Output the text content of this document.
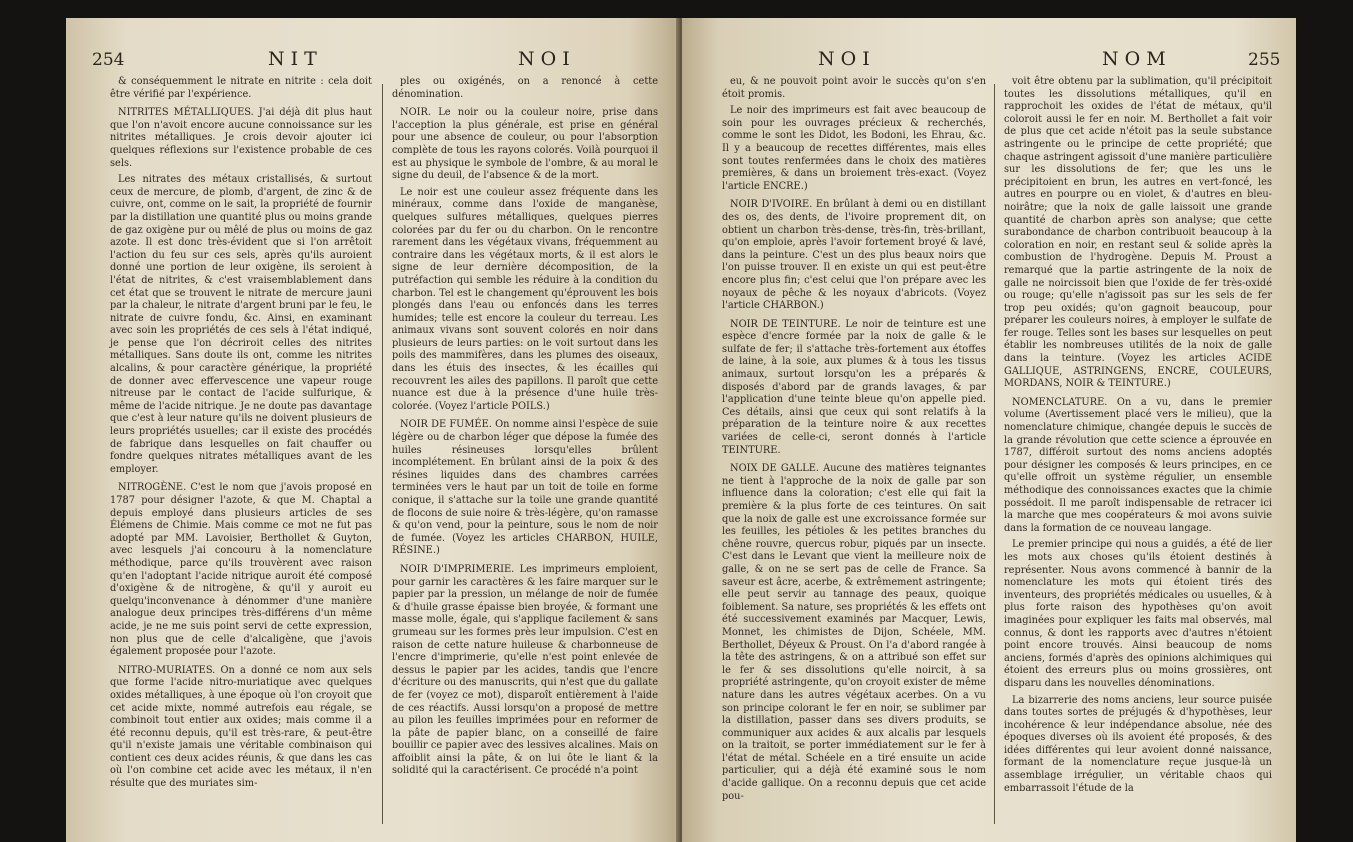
254	NIT	NOI

& conséquemment le nitrate en nitrite : cela doit être vérifié par l'expérience.

NITRITES MÉTALLIQUES. J'ai déjà dit plus haut que l'on n'avoit encore aucune connoissance sur les nitrites métalliques. Je crois devoir ajouter ici quelques réflexions sur l'existence probable de ces sels.

Les nitrates des métaux cristallisés, & surtout ceux de mercure, de plomb, d'argent, de zinc & de cuivre, ont, comme on le sait, la propriété de fournir par la distillation une quantité plus ou moins grande de gaz oxigène pur ou mêlé de plus ou moins de gaz azote. Il est donc très-évident que si l'on arrêtoit l'action du feu sur ces sels, après qu'ils auroient donné une portion de leur oxigène, ils seroient à l'état de nitrites, & c'est vraisemblablement dans cet état que se trouvent le nitrate de mercure jauni par la chaleur, le nitrate d'argent bruni par le feu, le nitrate de cuivre fondu, &c. Ainsi, en examinant avec soin les propriétés de ces sels à l'état indiqué, je pense que l'on décriroit celles des nitrites métalliques. Sans doute ils ont, comme les nitrites alcalins, & pour caractère générique, la propriété de donner avec effervescence une vapeur rouge nitreuse par le contact de l'acide sulfurique, & même de l'acide nitrique. Je ne doute pas davantage que c'est à leur nature qu'ils ne doivent plusieurs de leurs propriétés usuelles; car il existe des procédés de fabrique dans lesquelles on fait chauffer ou fondre quelques nitrates métalliques avant de les employer.

NITROGÈNE. C'est le nom que j'avois proposé en 1787 pour désigner l'azote, & que M. Chaptal a depuis employé dans plusieurs articles de ses Élémens de Chimie. Mais comme ce mot ne fut pas adopté par MM. Lavoisier, Berthollet & Guyton, avec lesquels j'ai concouru à la nomenclature méthodique, parce qu'ils trouvèrent avec raison qu'en l'adoptant l'acide nitrique auroit été composé d'oxigène & de nitrogène, & qu'il y auroit eu quelqu'inconvenance à dénommer d'une manière analogue deux principes très-différens d'un même acide, je ne me suis point servi de cette expression, non plus que de celle d'alcaligène, que j'avois également proposée pour l'azote.

NITRO-MURIATES. On a donné ce nom aux sels que forme l'acide nitro-muriatique avec quelques oxides métalliques, à une époque où l'on croyoit que cet acide mixte, nommé autrefois eau régale, se combinoit tout entier aux oxides; mais comme il a été reconnu depuis, qu'il est très-rare, & peut-être qu'il n'existe jamais une véritable combinaison qui contient ces deux acides réunis, & que dans les cas où l'on combine cet acide avec les métaux, il n'en résulte que des muriates sim-

ples ou oxigénés, on a renoncé à cette dénomination.

NOIR. Le noir ou la couleur noire, prise dans l'acception la plus générale, est prise en général pour une absence de couleur, ou pour l'absorption complète de tous les rayons colorés. Voilà pourquoi il est au physique le symbole de l'ombre, & au moral le signe du deuil, de l'absence & de la mort.

Le noir est une couleur assez fréquente dans les minéraux, comme dans l'oxide de manganèse, quelques sulfures métalliques, quelques pierres colorées par du fer ou du charbon. On le rencontre rarement dans les végétaux vivans, fréquemment au contraire dans les végétaux morts, & il est alors le signe de leur dernière décomposition, de la putréfaction qui semble les réduire à la condition du charbon. Tel est le changement qu'éprouvent les bois plongés dans l'eau ou enfoncés dans les terres humides; telle est encore la couleur du terreau. Les animaux vivans sont souvent colorés en noir dans plusieurs de leurs parties: on le voit surtout dans les poils des mammifères, dans les plumes des oiseaux, dans les étuis des insectes, & les écailles qui recouvrent les ailes des papillons. Il paroît que cette nuance est due à la présence d'une huile très-colorée. (Voyez l'article POILS.)

NOIR DE FUMÉE. On nomme ainsi l'espèce de suie légère ou de charbon léger que dépose la fumée des huiles résineuses lorsqu'elles brûlent incomplétement. En brûlant ainsi de la poix & des résines liquides dans des chambres carrées terminées vers le haut par un toit de toile en forme conique, il s'attache sur la toile une grande quantité de flocons de suie noire & très-légère, qu'on ramasse & qu'on vend, pour la peinture, sous le nom de noir de fumée. (Voyez les articles CHARBON, HUILE, RÉSINE.)

NOIR D'IMPRIMERIE. Les imprimeurs emploient, pour garnir les caractères & les faire marquer sur le papier par la pression, un mélange de noir de fumée & d'huile grasse épaisse bien broyée, & formant une masse molle, égale, qui s'applique facilement & sans grumeau sur les formes près leur impulsion. C'est en raison de cette nature huileuse & charbonneuse de l'encre d'imprimerie, qu'elle n'est point enlevée de dessus le papier par les acides, tandis que l'encre d'écriture ou des manuscrits, qui n'est que du gallate de fer (voyez ce mot), disparoît entièrement à l'aide de ces réactifs. Aussi lorsqu'on a proposé de mettre au pilon les feuilles imprimées pour en reformer de la pâte de papier blanc, on a conseillé de faire bouillir ce papier avec des lessives alcalines. Mais on affoiblit ainsi la pâte, & on lui ôte le liant & la solidité qui la caractérisent. Ce procédé n'a point

NOI	NOM	255

eu, & ne pouvoit point avoir le succès qu'on s'en étoit promis.

Le noir des imprimeurs est fait avec beaucoup de soin pour les ouvrages précieux & recherchés, comme le sont les Didot, les Bodoni, les Ehrau, &c. Il y a beaucoup de recettes différentes, mais elles sont toutes renfermées dans le choix des matières premières, & dans un broiement très-exact. (Voyez l'article ENCRE.)

NOIR D'IVOIRE. En brûlant à demi ou en distillant des os, des dents, de l'ivoire proprement dit, on obtient un charbon très-dense, très-fin, très-brillant, qu'on emploie, après l'avoir fortement broyé & lavé, dans la peinture. C'est un des plus beaux noirs que l'on puisse trouver. Il en existe un qui est peut-être encore plus fin; c'est celui que l'on prépare avec les noyaux de pêche & les noyaux d'abricots. (Voyez l'article CHARBON.)

NOIR DE TEINTURE. Le noir de teinture est une espèce d'encre formée par la noix de galle & le sulfate de fer; il s'attache très-fortement aux étoffes de laine, à la soie, aux plumes & à tous les tissus animaux, surtout lorsqu'on les a préparés & disposés d'abord par de grands lavages, & par l'application d'une teinte bleue qu'on appelle pied. Ces détails, ainsi que ceux qui sont relatifs à la préparation de la teinture noire & aux recettes variées de celle-ci, seront donnés à l'article TEINTURE.

NOIX DE GALLE. Aucune des matières teignantes ne tient à l'approche de la noix de galle par son influence dans la coloration; c'est elle qui fait la première & la plus forte de ces teintures. On sait que la noix de galle est une excroissance formée sur les feuilles, les pétioles & les petites branches du chêne rouvre, quercus robur, piqués par un insecte. C'est dans le Levant que vient la meilleure noix de galle, & on ne se sert pas de celle de France. Sa saveur est âcre, acerbe, & extrêmement astringente; elle peut servir au tannage des peaux, quoique foiblement. Sa nature, ses propriétés & les effets ont été successivement examinés par Macquer, Lewis, Monnet, les chimistes de Dijon, Schéele, MM. Berthollet, Déyeux & Proust. On l'a d'abord rangée à la tête des astringens, & on a attribué son effet sur le fer & ses dissolutions qu'elle noircit, à sa propriété astringente, qu'on croyoit exister de même nature dans les autres végétaux acerbes. On a vu son principe colorant le fer en noir, se sublimer par la distillation, passer dans ses divers produits, se communiquer aux acides & aux alcalis par lesquels on la traitoit, se porter immédiatement sur le fer à l'état de métal. Schéele en a tiré ensuite un acide particulier, qui a déjà été examiné sous le nom d'acide gallique. On a reconnu depuis que cet acide pou-

voit être obtenu par la sublimation, qu'il précipitoit toutes les dissolutions métalliques, qu'il en rapprochoit les oxides de l'état de métaux, qu'il coloroit aussi le fer en noir. M. Berthollet a fait voir de plus que cet acide n'étoit pas la seule substance astringente ou le principe de cette propriété; que chaque astringent agissoit d'une manière particulière sur les dissolutions de fer; que les uns le précipitoient en brun, les autres en vert-foncé, les autres en pourpre ou en violet, & d'autres en bleu-noirâtre; que la noix de galle laissoit une grande quantité de charbon après son analyse; que cette surabondance de charbon contribuoit beaucoup à la coloration en noir, en restant seul & solide après la combustion de l'hydrogène. Depuis M. Proust a remarqué que la partie astringente de la noix de galle ne noircissoit bien que l'oxide de fer très-oxidé ou rouge; qu'elle n'agissoit pas sur les sels de fer trop peu oxidés; qu'on gagnoit beaucoup, pour préparer les couleurs noires, à employer le sulfate de fer rouge. Telles sont les bases sur lesquelles on peut établir les nombreuses utilités de la noix de galle dans la teinture. (Voyez les articles ACIDE GALLIQUE, ASTRINGENS, ENCRE, COULEURS, MORDANS, NOIR & TEINTURE.)

NOMENCLATURE. On a vu, dans le premier volume (Avertissement placé vers le milieu), que la nomenclature chimique, changée depuis le succès de la grande révolution que cette science a éprouvée en 1787, différoit surtout des noms anciens adoptés pour désigner les composés & leurs principes, en ce qu'elle offroit un système régulier, un ensemble méthodique des connoissances exactes que la chimie possédoit. Il me paroît indispensable de retracer ici la marche que mes coopérateurs & moi avons suivie dans la formation de ce nouveau langage.

Le premier principe qui nous a guidés, a été de lier les mots aux choses qu'ils étoient destinés à représenter. Nous avons commencé à bannir de la nomenclature les mots qui étoient tirés des inventeurs, des propriétés médicales ou usuelles, & à plus forte raison des hypothèses qu'on avoit imaginées pour expliquer les faits mal observés, mal connus, & dont les rapports avec d'autres n'étoient point encore trouvés. Ainsi beaucoup de noms anciens, formés d'après des opinions alchimiques qui étoient des erreurs plus ou moins grossières, ont disparu dans les nouvelles dénominations.

La bizarrerie des noms anciens, leur source puisée dans toutes sortes de préjugés & d'hypothèses, leur incohérence & leur indépendance absolue, née des époques diverses où ils avoient été proposés, & des idées différentes qui leur avoient donné naissance, formant de la nomenclature reçue jusque-là un assemblage irrégulier, un véritable chaos qui embarrassoit l'étude de la
